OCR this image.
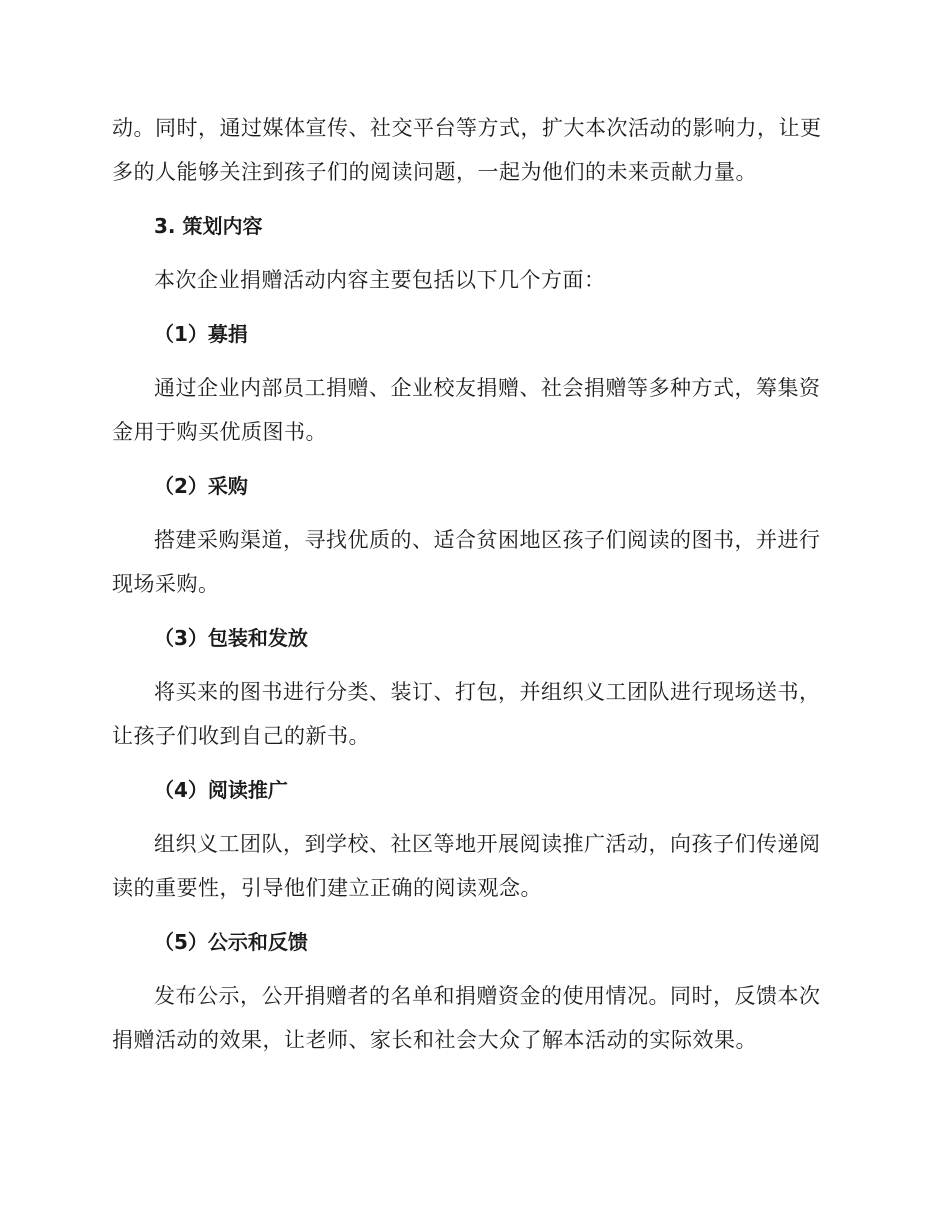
动。同时，通过媒体宣传、社交平台等方式，扩大本次活动的影响力，让更多的人能够关注到孩子们的阅读问题，一起为他们的未来贡献力量。

3. 策划内容

本次企业捐赠活动内容主要包括以下几个方面：

（1）募捐

通过企业内部员工捐赠、企业校友捐赠、社会捐赠等多种方式，筹集资金用于购买优质图书。

（2）采购

搭建采购渠道，寻找优质的、适合贫困地区孩子们阅读的图书，并进行现场采购。

（3）包装和发放

将买来的图书进行分类、装订、打包，并组织义工团队进行现场送书，让孩子们收到自己的新书。

（4）阅读推广

组织义工团队，到学校、社区等地开展阅读推广活动，向孩子们传递阅读的重要性，引导他们建立正确的阅读观念。

（5）公示和反馈

发布公示，公开捐赠者的名单和捐赠资金的使用情况。同时，反馈本次捐赠活动的效果，让老师、家长和社会大众了解本活动的实际效果。
